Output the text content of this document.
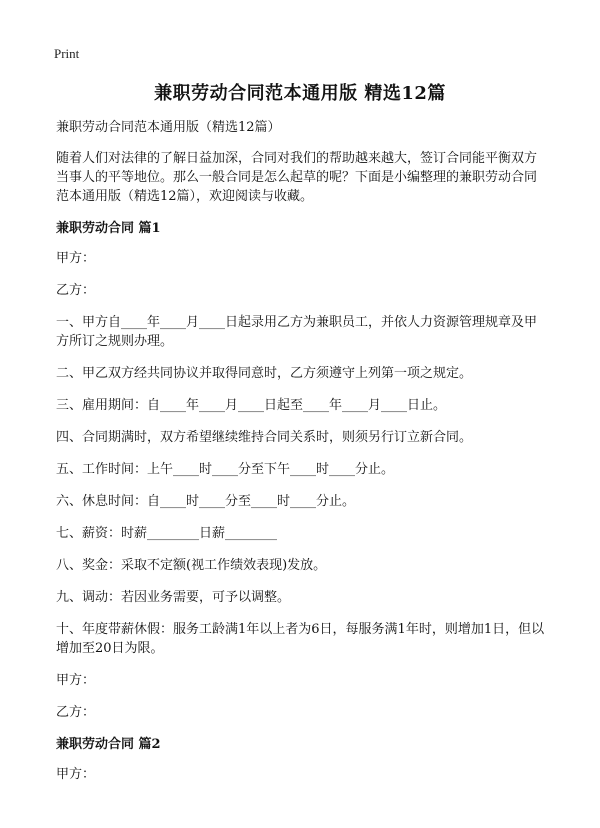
Print
兼职劳动合同范本通用版 精选12篇

兼职劳动合同范本通用版（精选12篇）

随着人们对法律的了解日益加深，合同对我们的帮助越来越大，签订合同能平衡双方当事人的平等地位。那么一般合同是怎么起草的呢？下面是小编整理的兼职劳动合同范本通用版（精选12篇），欢迎阅读与收藏。

兼职劳动合同 篇1

甲方：

乙方：

一、甲方自____年____月____日起录用乙方为兼职员工，并依人力资源管理规章及甲方所订之规则办理。

二、甲乙双方经共同协议并取得同意时，乙方须遵守上列第一项之规定。

三、雇用期间：自____年____月____日起至____年____月____日止。

四、合同期满时，双方希望继续维持合同关系时，则须另行订立新合同。

五、工作时间：上午____时____分至下午____时____分止。

六、休息时间：自____时____分至____时____分止。

七、薪资：时薪________日薪________

八、奖金：采取不定额(视工作绩效表现)发放。

九、调动：若因业务需要，可予以调整。

十、年度带薪休假：服务工龄满1年以上者为6日，每服务满1年时，则增加1日，但以增加至20日为限。

甲方：

乙方：

兼职劳动合同 篇2

甲方：
